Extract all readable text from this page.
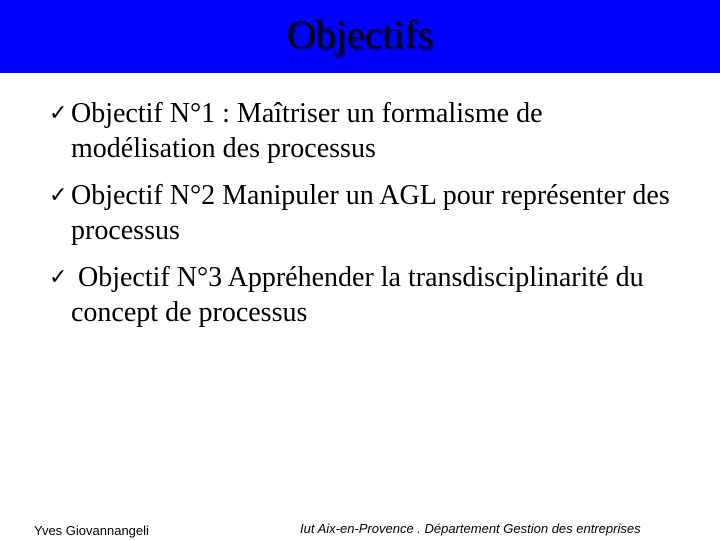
Objectifs
✓ Objectif N°1 : Maîtriser un formalisme de modélisation des processus
✓ Objectif N°2 Manipuler un AGL pour représenter des processus
✓ Objectif N°3 Appréhender la transdisciplinarité du concept de processus
Yves Giovannangeli	Iut Aix-en-Provence . Département Gestion des entreprises
